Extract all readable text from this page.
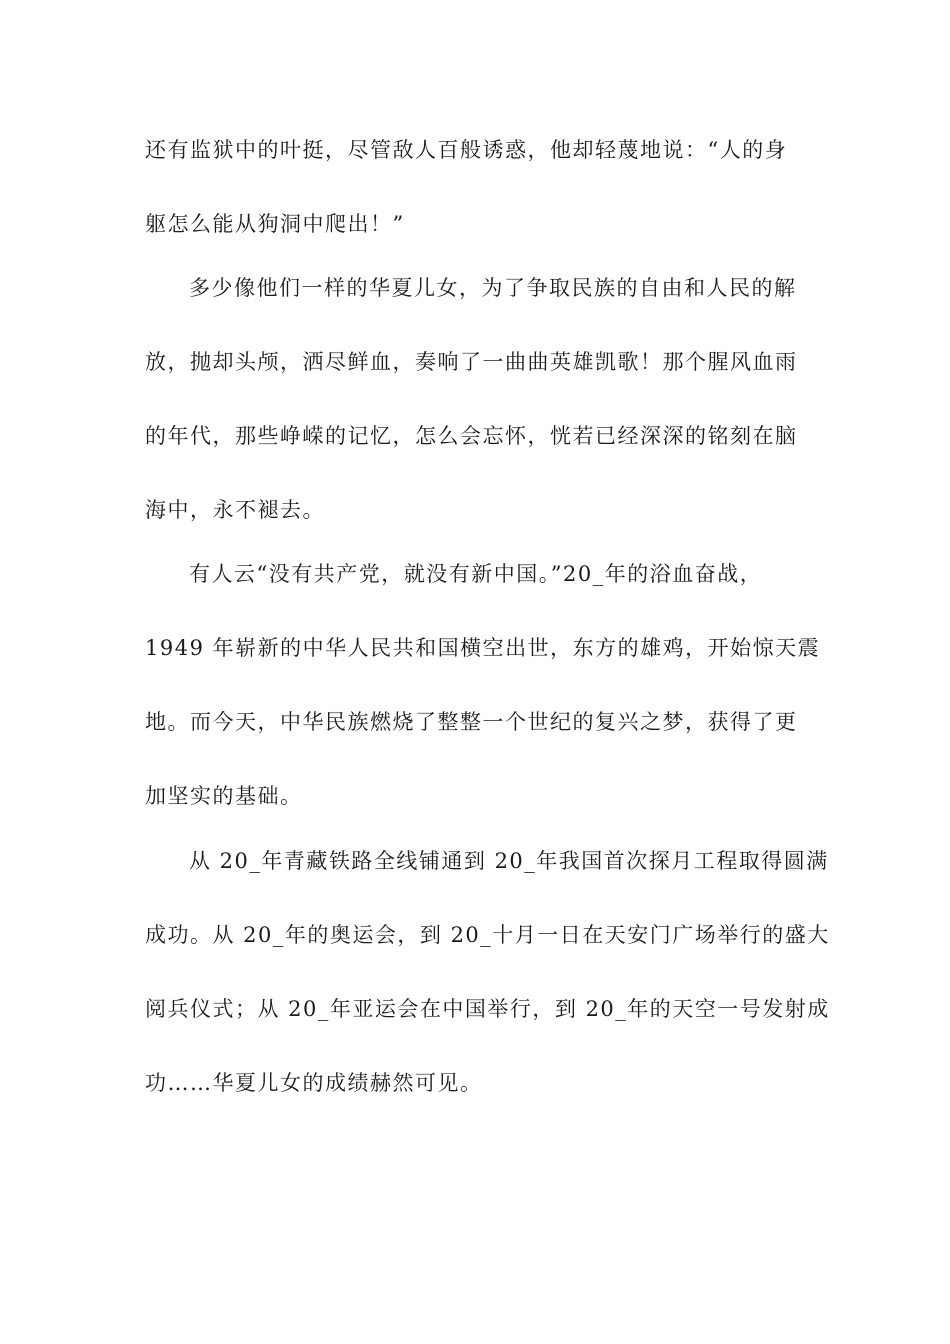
还有监狱中的叶挺，尽管敌人百般诱惑，他却轻蔑地说：“人的身
躯怎么能从狗洞中爬出！”
多少像他们一样的华夏儿女，为了争取民族的自由和人民的解
放，抛却头颅，洒尽鲜血，奏响了一曲曲英雄凯歌！那个腥风血雨
的年代，那些峥嵘的记忆，怎么会忘怀，恍若已经深深的铭刻在脑
海中，永不褪去。
有人云“没有共产党，就没有新中国。”20_年的浴血奋战，
1949 年崭新的中华人民共和国横空出世，东方的雄鸡，开始惊天震
地。而今天，中华民族燃烧了整整一个世纪的复兴之梦，获得了更
加坚实的基础。
从 20_年青藏铁路全线铺通到 20_年我国首次探月工程取得圆满
成功。从 20_年的奥运会，到 20_十月一日在天安门广场举行的盛大
阅兵仪式；从 20_年亚运会在中国举行，到 20_年的天空一号发射成
功……华夏儿女的成绩赫然可见。
